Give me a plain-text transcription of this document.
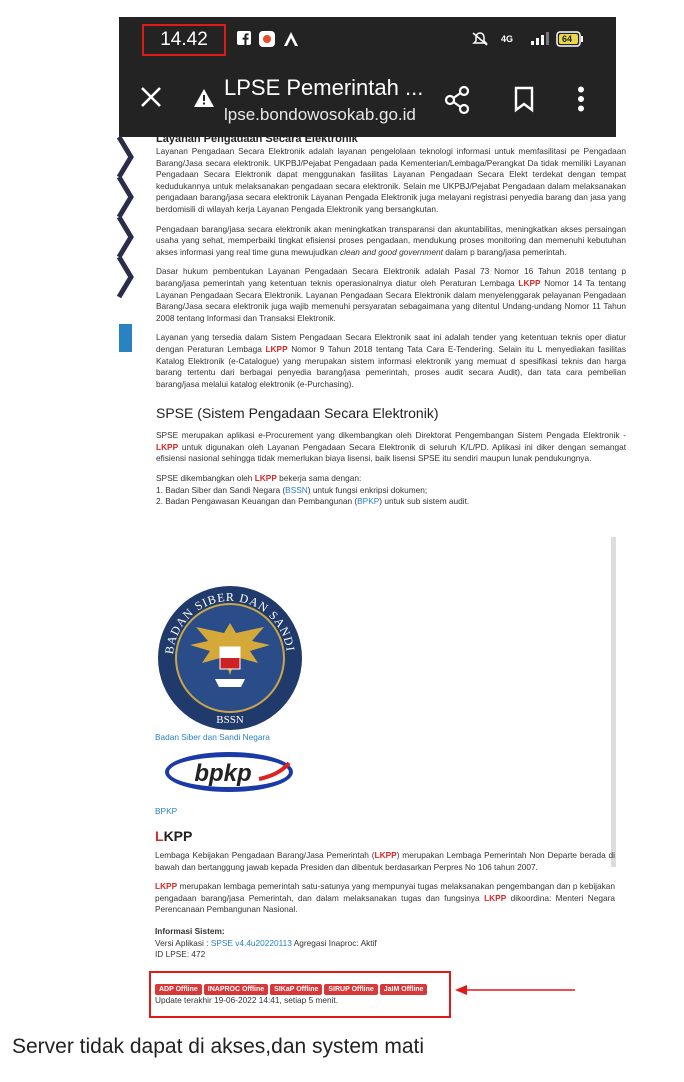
14.42	4G	64
LPSE Pemerintah ...
lpse.bondowosokab.go.id
Layanan Pengadaan Secara Elektronik

Layanan Pengadaan Secara Elektronik adalah layanan pengelolaan teknologi informasi untuk memfasilitasi pe Pengadaan Barang/Jasa secara elektronik. UKPBJ/Pejabat Pengadaan pada Kementerian/Lembaga/Perangkat Da tidak memiliki Layanan Pengadaan Secara Elektronik dapat menggunakan fasilitas Layanan Pengadaan Secara Elekt terdekat dengan tempat kedudukannya untuk melaksanakan pengadaan secara elektronik. Selain me UKPBJ/Pejabat Pengadaan dalam melaksanakan pengadaan barang/jasa secara elektronik Layanan Pengada Elektronik juga melayani registrasi penyedia barang dan jasa yang berdomisili di wilayah kerja Layanan Pengada Elektronik yang bersangkutan.

Pengadaan barang/jasa secara elektronik akan meningkatkan transparansi dan akuntabilitas, meningkatkan akses persaingan usaha yang sehat, memperbaiki tingkat efisiensi proses pengadaan, mendukung proses monitoring dan memenuhi kebutuhan akses informasi yang real time guna mewujudkan clean and good government dalam p barang/jasa pemerintah.

Dasar hukum pembentukan Layanan Pengadaan Secara Elektronik adalah Pasal 73 Nomor 16 Tahun 2018 tentang p barang/jasa pemerintah yang ketentuan teknis operasionalnya diatur oleh Peraturan Lembaga LKPP Nomor 14 Ta tentang Layanan Pengadaan Secara Elektronik. Layanan Pengadaan Secara Elektronik dalam menyelenggarak pelayanan Pengadaan Barang/Jasa secara elektronik juga wajib memenuhi persyaratan sebagaimana yang ditentul Undang-undang Nomor 11 Tahun 2008 tentang Informasi dan Transaksi Elektronik.

Layanan yang tersedia dalam Sistem Pengadaan Secara Elektronik saat ini adalah tender yang ketentuan teknis oper diatur dengan Peraturan Lembaga LKPP Nomor 9 Tahun 2018 tentang Tata Cara E-Tendering. Selain itu L menyediakan fasilitas Katalog Elektronik (e-Catalogue) yang merupakan sistem informasi elektronik yang memuat d spesifikasi teknis dan harga barang tertentu dari berbagai penyedia barang/jasa pemerintah, proses audit secara Audit), dan tata cara pembelian barang/jasa melalui katalog elektronik (e-Purchasing).

SPSE (Sistem Pengadaan Secara Elektronik)

SPSE merupakan aplikasi e-Procurement yang dikembangkan oleh Direktorat Pengembangan Sistem Pengada Elektronik - LKPP untuk digunakan oleh Layanan Pengadaan Secara Elektronik di seluruh K/L/PD. Aplikasi ini diker dengan semangat efisiensi nasional sehingga tidak memerlukan biaya lisensi, baik lisensi SPSE itu sendiri maupun lunak pendukungnya.

SPSE dikembangkan oleh LKPP bekerja sama dengan:

1. Badan Siber dan Sandi Negara (BSSN) untuk fungsi enkripsi dokumen;
2. Badan Pengawasan Keuangan dan Pembangunan (BPKP) untuk sub sistem audit.
BADAN SIBER DAN SANDI
BSSN
Badan Siber dan Sandi Negara
bpkp
BPKP
LKPP

Lembaga Kebijakan Pengadaan Barang/Jasa Pemerintah (LKPP) merupakan Lembaga Pemerintah Non Departe berada di bawah dan bertanggung jawab kepada Presiden dan dibentuk berdasarkan Perpres No 106 tahun 2007.

LKPP merupakan lembaga pemerintah satu-satunya yang mempunyai tugas melaksanakan pengembangan dan p kebijakan pengadaan barang/jasa Pemerintah, dan dalam melaksanakan tugas dan fungsinya LKPP dikoordina: Menteri Negara Perencanaan Pembangunan Nasional.

Informasi Sistem:
Versi Aplikasi : SPSE v4.4u20220113 Agregasi Inaproc: Aktif
ID LPSE: 472
ADP Offline INAPROC Offline SIKaP Offline SIRUP Offline JaIM Offline
Update terakhir 19-06-2022 14:41, setiap 5 menit.
Server tidak dapat di akses,dan system mati
